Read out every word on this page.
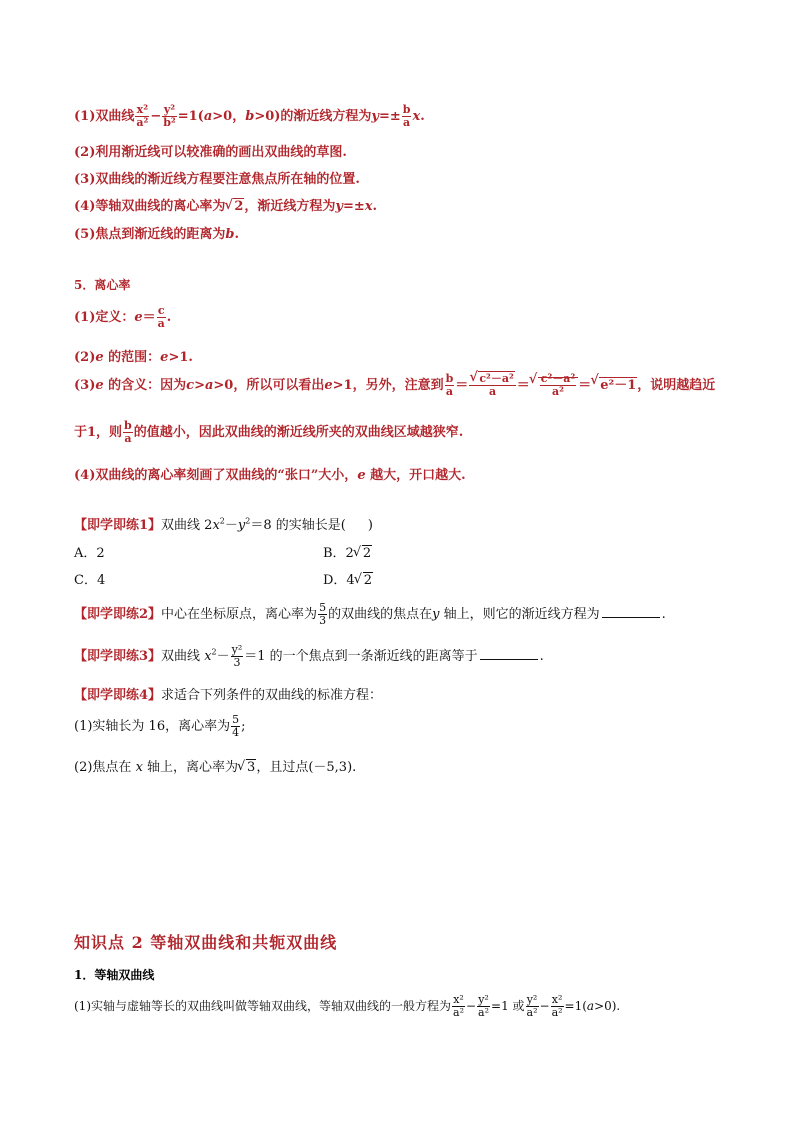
(1)双曲线 $\frac{\text{x²}}{\text{a²}} - \frac{\text{y²}}{\text{b²}} =1(a>0$，b>0)的渐近线方程为$y=\pm \frac{b}{a} x$.
(2)利用渐近线可以较准确的画出双曲线的草图.
(3)双曲线的渐近线方程要注意焦点所在轴的位置.
(4)等轴双曲线的离心率为 √ 2，渐近线方程为y=±x.
(5)焦点到渐近线的距离为b.
5．离心率
(1)定义：$e= \frac{c}{a}$ .
(2)e 的范围：e>1.
(3)e 的含义：因为c>a>0，所以可以看出e>1，另外，注意到 $\frac{b}{a}$ ＝ √ $\frac{\text{c²－a²}}{a}$ ＝ √ $\frac{\text{c²－a²}}{\text{a²}}$ ＝ √ e²－1，说明越趋近
于1，则 $\frac{b}{a}$ 的值越小，因此双曲线的渐近线所夹的双曲线区域越狭窄.
(4)双曲线的离心率刻画了双曲线的“张口”大小，e 越大，开口越大.
【即学即练1】双曲线 $2x^2-y^2=8$ 的实轴长是( )
A．2	B．2 √ 2
C．4	D．4 √ 2
【即学即练2】中心在坐标原点，离心率为 $\frac{5}{3}$ 的双曲线的焦点在y 轴上，则它的渐近线方程为	.
【即学即练3】双曲线 $x^2- \frac{\text{y²}}{3} =1$ 的一个焦点到一条渐近线的距离等于	.
【即学即练4】求适合下列条件的双曲线的标准方程：
(1)实轴长为 16，离心率为 $\frac{5}{4}$ ;
(2)焦点在 x 轴上，离心率为 √ 3，且过点(－5,3).
知识点 2 等轴双曲线和共轭双曲线
1．等轴双曲线
(1)实轴与虚轴等长的双曲线叫做等轴双曲线，等轴双曲线的一般方程为 $\frac{\text{x²}}{\text{a²}} - \frac{\text{y²}}{\text{a²}} =1$ 或 $\frac{\text{y²}}{\text{a²}} - \frac{\text{x²}}{\text{a²}} =1(a>0)$.
